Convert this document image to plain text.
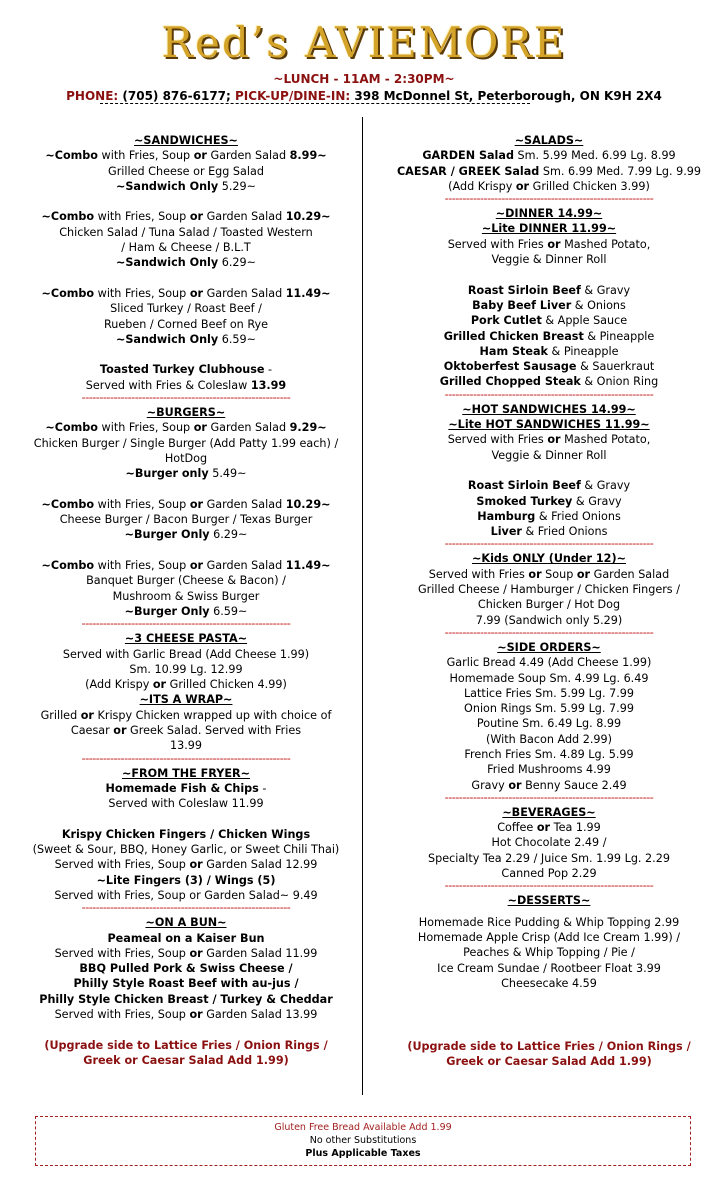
Red’s AVIEMORE
~LUNCH - 11AM - 2:30PM~
PHONE: (705) 876-6177; PICK-UP/DINE-IN: 398 McDonnel St, Peterborough, ON K9H 2X4
~SANDWICHES~
~Combo with Fries, Soup or Garden Salad 8.99~
Grilled Cheese or Egg Salad
~Sandwich Only 5.29~
~Combo with Fries, Soup or Garden Salad 10.29~
Chicken Salad / Tuna Salad / Toasted Western
/ Ham & Cheese / B.L.T
~Sandwich Only 6.29~
~Combo with Fries, Soup or Garden Salad 11.49~
Sliced Turkey / Roast Beef /
Rueben / Corned Beef on Rye
~Sandwich Only 6.59~
Toasted Turkey Clubhouse -
Served with Fries & Coleslaw 13.99
-----------------------------------------------------------
~BURGERS~
~Combo with Fries, Soup or Garden Salad 9.29~
Chicken Burger / Single Burger (Add Patty 1.99 each) /
HotDog
~Burger only 5.49~
~Combo with Fries, Soup or Garden Salad 10.29~
Cheese Burger / Bacon Burger / Texas Burger
~Burger Only 6.29~
~Combo with Fries, Soup or Garden Salad 11.49~
Banquet Burger (Cheese & Bacon) /
Mushroom & Swiss Burger
~Burger Only 6.59~
-----------------------------------------------------------
~3 CHEESE PASTA~
Served with Garlic Bread (Add Cheese 1.99)
Sm. 10.99 Lg. 12.99
(Add Krispy or Grilled Chicken 4.99)
~ITS A WRAP~
Grilled or Krispy Chicken wrapped up with choice of
Caesar or Greek Salad. Served with Fries
13.99
-----------------------------------------------------------
~FROM THE FRYER~
Homemade Fish & Chips -
Served with Coleslaw 11.99
Krispy Chicken Fingers / Chicken Wings
(Sweet & Sour, BBQ, Honey Garlic, or Sweet Chili Thai)
Served with Fries, Soup or Garden Salad 12.99
~Lite Fingers (3) / Wings (5)
Served with Fries, Soup or Garden Salad~ 9.49
-----------------------------------------------------------
~ON A BUN~
Peameal on a Kaiser Bun
Served with Fries, Soup or Garden Salad 11.99
BBQ Pulled Pork & Swiss Cheese /
Philly Style Roast Beef with au-jus /
Philly Style Chicken Breast / Turkey & Cheddar
Served with Fries, Soup or Garden Salad 13.99
(Upgrade side to Lattice Fries / Onion Rings /
Greek or Caesar Salad Add 1.99)
~SALADS~
GARDEN Salad Sm. 5.99 Med. 6.99 Lg. 8.99
CAESAR / GREEK Salad Sm. 6.99 Med. 7.99 Lg. 9.99
(Add Krispy or Grilled Chicken 3.99)
-----------------------------------------------------------
~DINNER 14.99~
~Lite DINNER 11.99~
Served with Fries or Mashed Potato,
Veggie & Dinner Roll
Roast Sirloin Beef & Gravy
Baby Beef Liver & Onions
Pork Cutlet & Apple Sauce
Grilled Chicken Breast & Pineapple
Ham Steak & Pineapple
Oktoberfest Sausage & Sauerkraut
Grilled Chopped Steak & Onion Ring
-----------------------------------------------------------
~HOT SANDWICHES 14.99~
~Lite HOT SANDWICHES 11.99~
Served with Fries or Mashed Potato,
Veggie & Dinner Roll
Roast Sirloin Beef & Gravy
Smoked Turkey & Gravy
Hamburg & Fried Onions
Liver & Fried Onions
-----------------------------------------------------------
~Kids ONLY (Under 12)~
Served with Fries or Soup or Garden Salad
Grilled Cheese / Hamburger / Chicken Fingers /
Chicken Burger / Hot Dog
7.99 (Sandwich only 5.29)
-----------------------------------------------------------
~SIDE ORDERS~
Garlic Bread 4.49 (Add Cheese 1.99)
Homemade Soup Sm. 4.99 Lg. 6.49
Lattice Fries Sm. 5.99 Lg. 7.99
Onion Rings Sm. 5.99 Lg. 7.99
Poutine Sm. 6.49 Lg. 8.99
(With Bacon Add 2.99)
French Fries Sm. 4.89 Lg. 5.99
Fried Mushrooms 4.99
Gravy or Benny Sauce 2.49
-----------------------------------------------------------
~BEVERAGES~
Coffee or Tea 1.99
Hot Chocolate 2.49 /
Specialty Tea 2.29 / Juice Sm. 1.99 Lg. 2.29
Canned Pop 2.29
-----------------------------------------------------------
~DESSERTS~
Homemade Rice Pudding & Whip Topping 2.99
Homemade Apple Crisp (Add Ice Cream 1.99) /
Peaches & Whip Topping / Pie /
Ice Cream Sundae / Rootbeer Float 3.99
Cheesecake 4.59
(Upgrade side to Lattice Fries / Onion Rings /
Greek or Caesar Salad Add 1.99)
Gluten Free Bread Available Add 1.99
No other Substitutions
Plus Applicable Taxes
